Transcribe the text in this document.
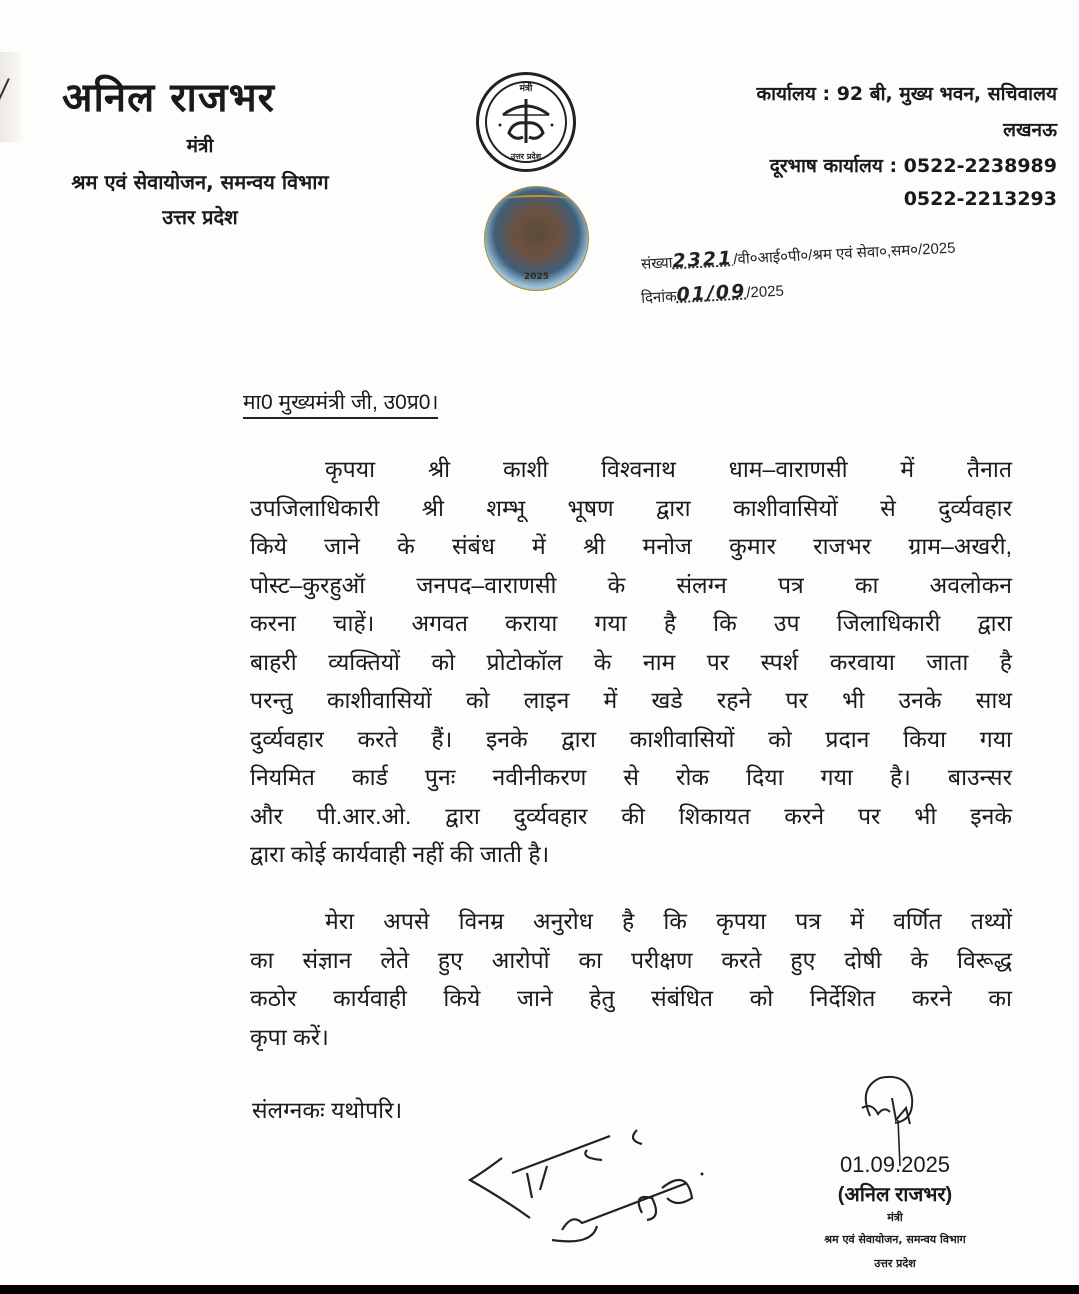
अनिल राजभर
मंत्री
श्रम एवं सेवायोजन, समन्वय विभाग
उत्तर प्रदेश
मंत्री
उत्तर प्रदेश
2025
कार्यालय : 92 बी, मुख्य भवन, सचिवालय
लखनऊ
दूरभाष कार्यालय : 0522-2238989
0522-2213293
संख्या2321/वी०आई०पी०/श्रम एवं सेवा०,सम०/2025
दिनांक01/09/2025
मा0 मुख्यमंत्री जी, उ0प्र0।
कृपया श्री काशी विश्वनाथ धाम–वाराणसी में तैनात
उपजिलाधिकारी श्री शम्भू भूषण द्वारा काशीवासियों से दुर्व्यवहार
किये जाने के संबंध में श्री मनोज कुमार राजभर ग्राम–अखरी,
पोस्ट–कुरहुऑ जनपद–वाराणसी के संलग्न पत्र का अवलोकन
करना चाहें। अगवत कराया गया है कि उप जिलाधिकारी द्वारा
बाहरी व्यक्तियों को प्रोटोकॉल के नाम पर स्पर्श करवाया जाता है
परन्तु काशीवासियों को लाइन में खडे रहने पर भी उनके साथ
दुर्व्यवहार करते हैं। इनके द्वारा काशीवासियों को प्रदान किया गया
नियमित कार्ड पुनः नवीनीकरण से रोक दिया गया है। बाउन्सर
और पी.आर.ओ. द्वारा दुर्व्यवहार की शिकायत करने पर भी इनके
द्वारा कोई कार्यवाही नहीं की जाती है।
मेरा अपसे विनम्र अनुरोध है कि कृपया पत्र में वर्णित तथ्यों
का संज्ञान लेते हुए आरोपों का परीक्षण करते हुए दोषी के विरूद्ध
कठोर कार्यवाही किये जाने हेतु संबंधित को निर्देशित करने का
कृपा करें।
संलग्नकः यथोपरि।
01.09.2025
(अनिल राजभर)
मंत्री
श्रम एवं सेवायोजन, समन्वय विभाग
उत्तर प्रदेश
